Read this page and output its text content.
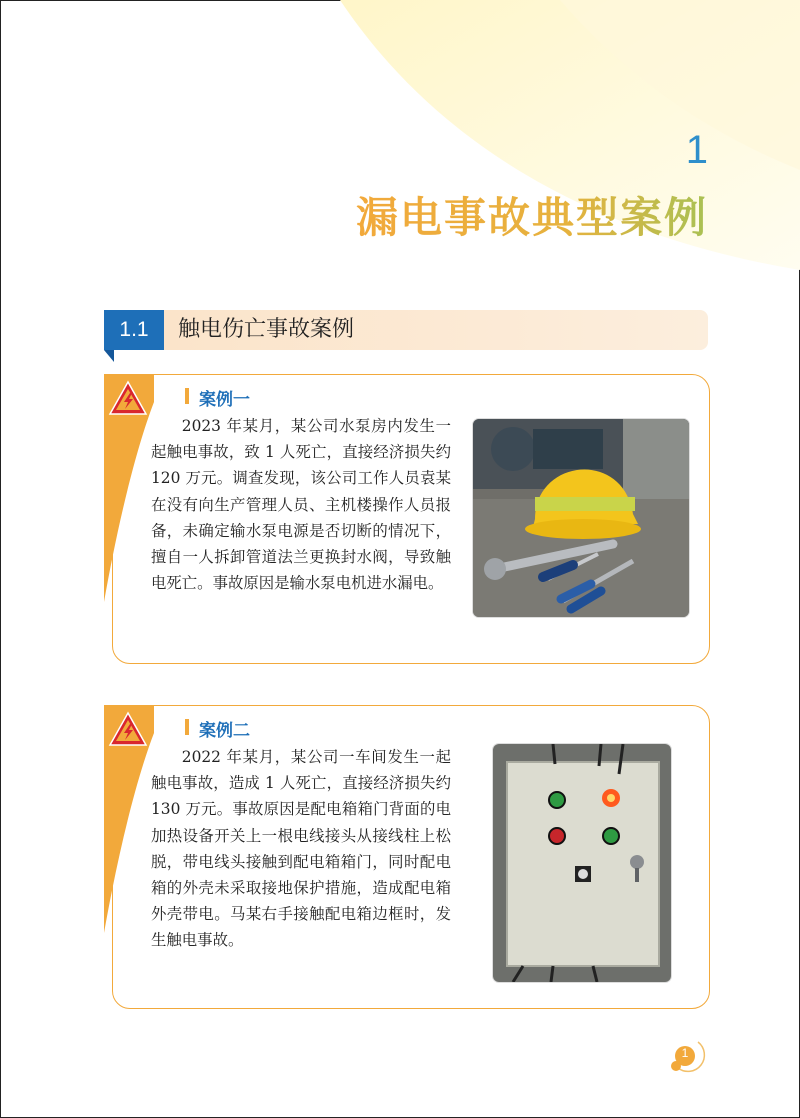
1
漏电事故典型案例
1.1	触电伤亡事故案例
案例一
2023 年某月，某公司水泵房内发生一起触电事故，致 1 人死亡，直接经济损失约 120 万元。调查发现，该公司工作人员袁某在没有向生产管理人员、主机楼操作人员报备，未确定输水泵电源是否切断的情况下，擅自一人拆卸管道法兰更换封水阀，导致触电死亡。事故原因是输水泵电机进水漏电。
案例二
2022 年某月，某公司一车间发生一起触电事故，造成 1 人死亡，直接经济损失约 130 万元。事故原因是配电箱箱门背面的电加热设备开关上一根电线接头从接线柱上松脱，带电线头接触到配电箱箱门，同时配电箱的外壳未采取接地保护措施，造成配电箱外壳带电。马某右手接触配电箱边框时，发生触电事故。
1
